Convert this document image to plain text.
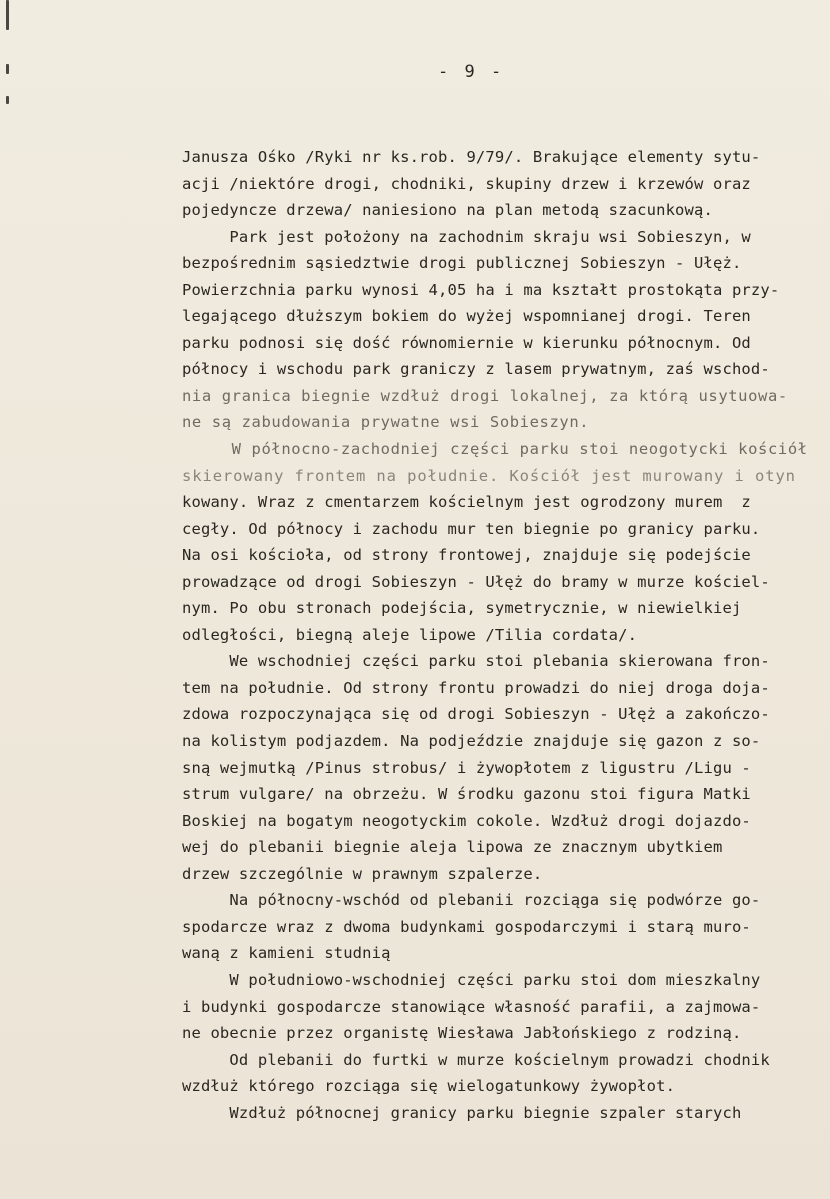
- 9 -
Janusza Ośko /Ryki nr ks.rob. 9/79/. Brakujące elementy sytu-
acji /niektóre drogi, chodniki, skupiny drzew i krzewów oraz
pojedyncze drzewa/ naniesiono na plan metodą szacunkową.
Park jest położony na zachodnim skraju wsi Sobieszyn, w
bezpośrednim sąsiedztwie drogi publicznej Sobieszyn - Ułęż.
Powierzchnia parku wynosi 4,05 ha i ma kształt prostokąta przy-
legającego dłuższym bokiem do wyżej wspomnianej drogi. Teren
parku podnosi się dość równomiernie w kierunku północnym. Od
północy i wschodu park graniczy z lasem prywatnym, zaś wschod-
nia granica biegnie wzdłuż drogi lokalnej, za którą usytuowa-
ne są zabudowania prywatne wsi Sobieszyn.
W północno-zachodniej części parku stoi neogotycki kościół
skierowany frontem na południe. Kościół jest murowany i otyn
kowany. Wraz z cmentarzem kościelnym jest ogrodzony murem  z
cegły. Od północy i zachodu mur ten biegnie po granicy parku.
Na osi kościoła, od strony frontowej, znajduje się podejście
prowadzące od drogi Sobieszyn - Ułęż do bramy w murze kościel-
nym. Po obu stronach podejścia, symetrycznie, w niewielkiej
odległości, biegną aleje lipowe /Tilia cordata/.
We wschodniej części parku stoi plebania skierowana fron-
tem na południe. Od strony frontu prowadzi do niej droga doja-
zdowa rozpoczynająca się od drogi Sobieszyn - Ułęż a zakończo-
na kolistym podjazdem. Na podjeździe znajduje się gazon z so-
sną wejmutką /Pinus strobus/ i żywopłotem z ligustru /Ligu -
strum vulgare/ na obrzeżu. W środku gazonu stoi figura Matki
Boskiej na bogatym neogotyckim cokole. Wzdłuż drogi dojazdo-
wej do plebanii biegnie aleja lipowa ze znacznym ubytkiem
drzew szczególnie w prawnym szpalerze.
Na północny-wschód od plebanii rozciąga się podwórze go-
spodarcze wraz z dwoma budynkami gospodarczymi i starą muro-
waną z kamieni studnią
W południowo-wschodniej części parku stoi dom mieszkalny
i budynki gospodarcze stanowiące własność parafii, a zajmowa-
ne obecnie przez organistę Wiesława Jabłońskiego z rodziną.
Od plebanii do furtki w murze kościelnym prowadzi chodnik
wzdłuż którego rozciąga się wielogatunkowy żywopłot.
Wzdłuż północnej granicy parku biegnie szpaler starych
